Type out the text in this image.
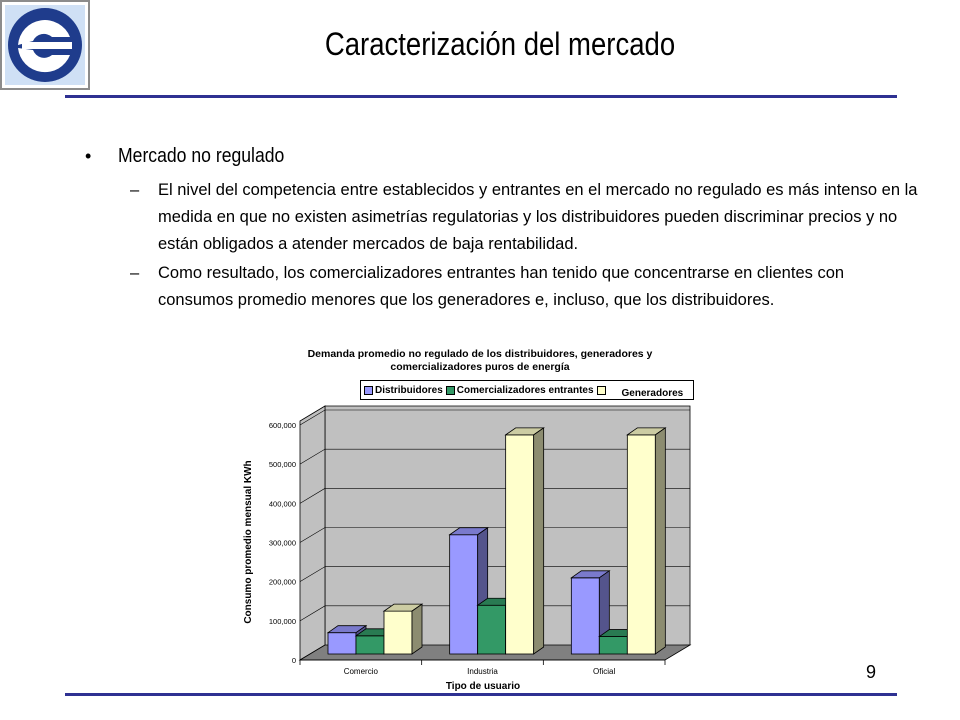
Caracterización del mercado
•	Mercado no regulado
–	El nivel del competencia entre establecidos y entrantes en el mercado no regulado es más intenso en la medida en que no existen asimetrías regulatorias y los distribuidores pueden discriminar precios y no están obligados a atender mercados de baja rentabilidad.
–	Como resultado, los comercializadores entrantes han tenido que concentrarse en clientes con consumos promedio menores que los generadores e, incluso, que los distribuidores.
Demanda promedio no regulado de los distribuidores, generadores y comercializadores puros de energía
Distribuidores Comercializadores entrantes	Generadores
0
100,000
200,000
300,000
400,000
500,000
600,000
Comercio	Industria	Oficial
Tipo de usuario
Consumo promedio mensual KWh
9
